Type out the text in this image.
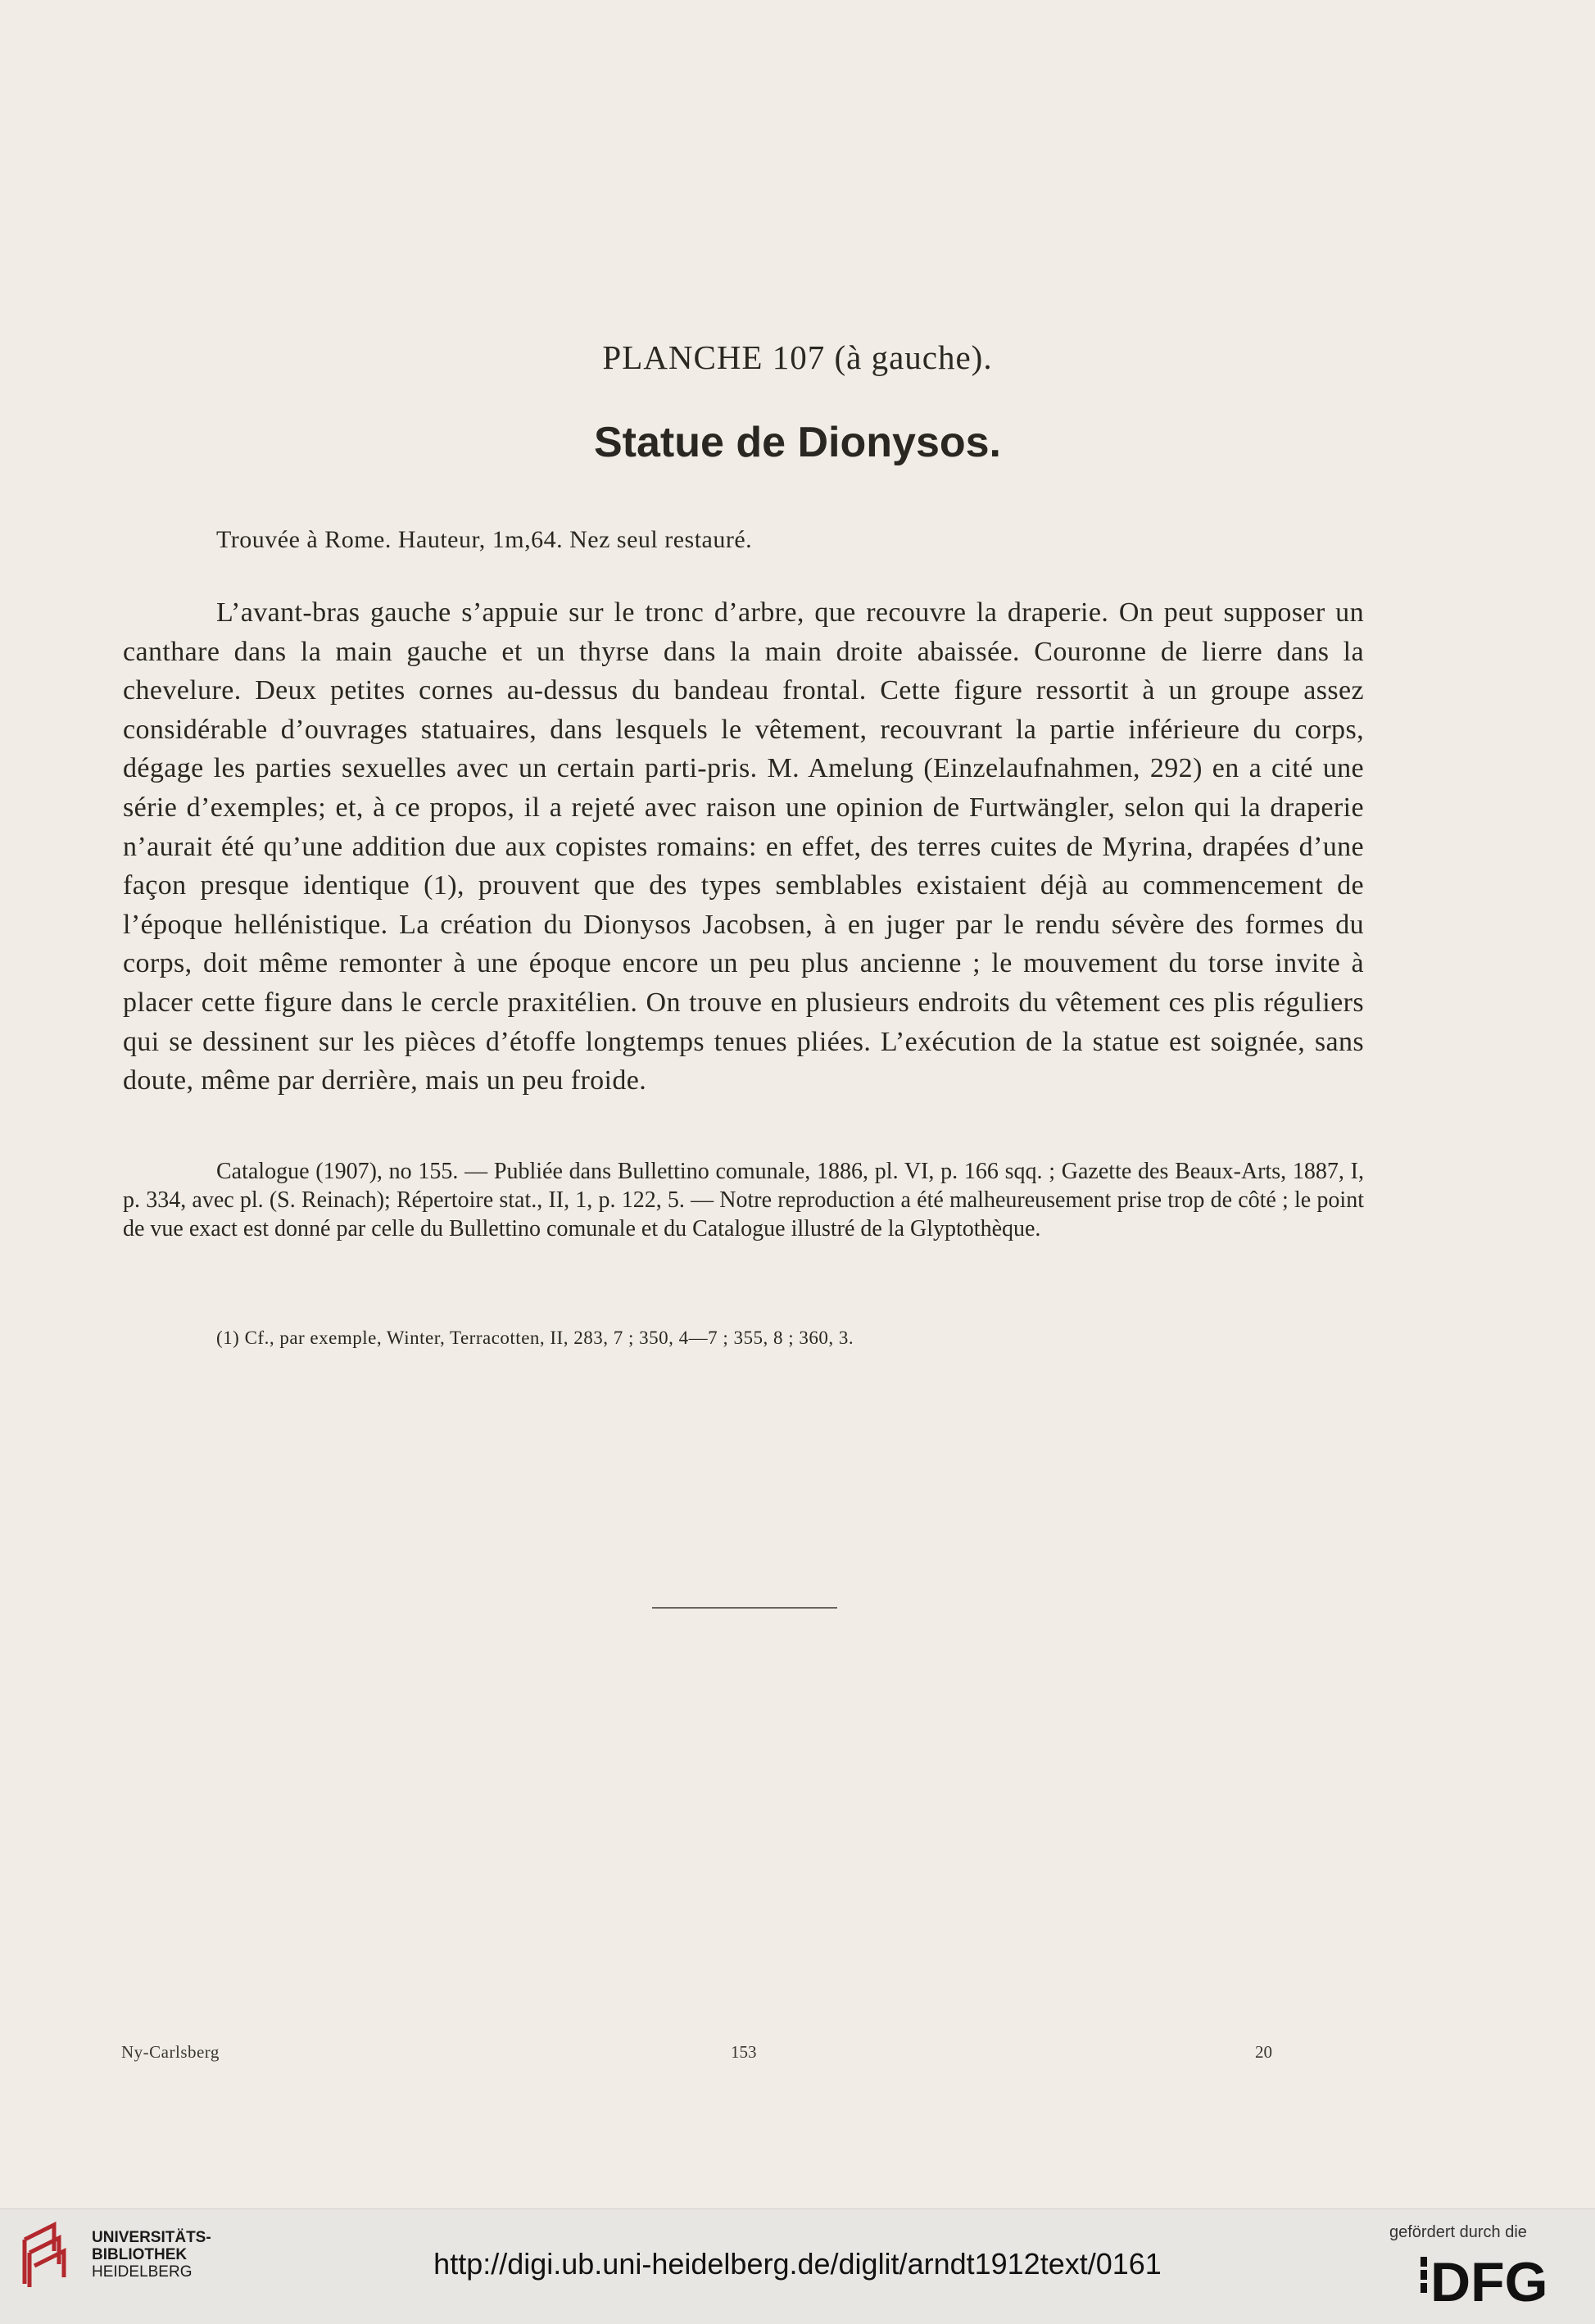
PLANCHE 107 (à gauche).
Statue de Dionysos.
Trouvée à Rome. Hauteur, 1m,64. Nez seul restauré.
L’avant-bras gauche s’appuie sur le tronc d’arbre, que recouvre la draperie. On peut supposer un canthare dans la main gauche et un thyrse dans la main droite abaissée. Couronne de lierre dans la chevelure. Deux petites cornes au-dessus du bandeau frontal. Cette figure ressortit à un groupe assez considérable d’ouvrages statuaires, dans lesquels le vêtement, recouvrant la partie inférieure du corps, dégage les parties sexuelles avec un certain parti-pris. M. Amelung (Einzelaufnahmen, 292) en a cité une série d’exemples; et, à ce propos, il a rejeté avec raison une opinion de Furtwängler, selon qui la draperie n’aurait été qu’une addition due aux copistes romains: en effet, des terres cuites de Myrina, drapées d’une façon presque identique (1), prouvent que des types semblables existaient déjà au commencement de l’époque hellénistique. La création du Dionysos Jacobsen, à en juger par le rendu sévère des formes du corps, doit même remonter à une époque encore un peu plus ancienne ; le mouvement du torse invite à placer cette figure dans le cercle praxitélien. On trouve en plusieurs endroits du vêtement ces plis réguliers qui se dessinent sur les pièces d’étoffe longtemps tenues pliées. L’exécution de la statue est soignée, sans doute, même par derrière, mais un peu froide.
Catalogue (1907), no 155. — Publiée dans Bullettino comunale, 1886, pl. VI, p. 166 sqq. ; Gazette des Beaux-Arts, 1887, I, p. 334, avec pl. (S. Reinach); Répertoire stat., II, 1, p. 122, 5. — Notre reproduction a été malheureusement prise trop de côté ; le point de vue exact est donné par celle du Bullettino comunale et du Catalogue illustré de la Glyptothèque.
(1) Cf., par exemple, Winter, Terracotten, II, 283, 7 ; 350, 4—7 ; 355, 8 ; 360, 3.
Ny-Carlsberg	153	20
UNIVERSITÄTS-
BIBLIOTHEK
HEIDELBERG	http://digi.ub.uni-heidelberg.de/diglit/arndt1912text/0161
gefördert durch die
DFG
